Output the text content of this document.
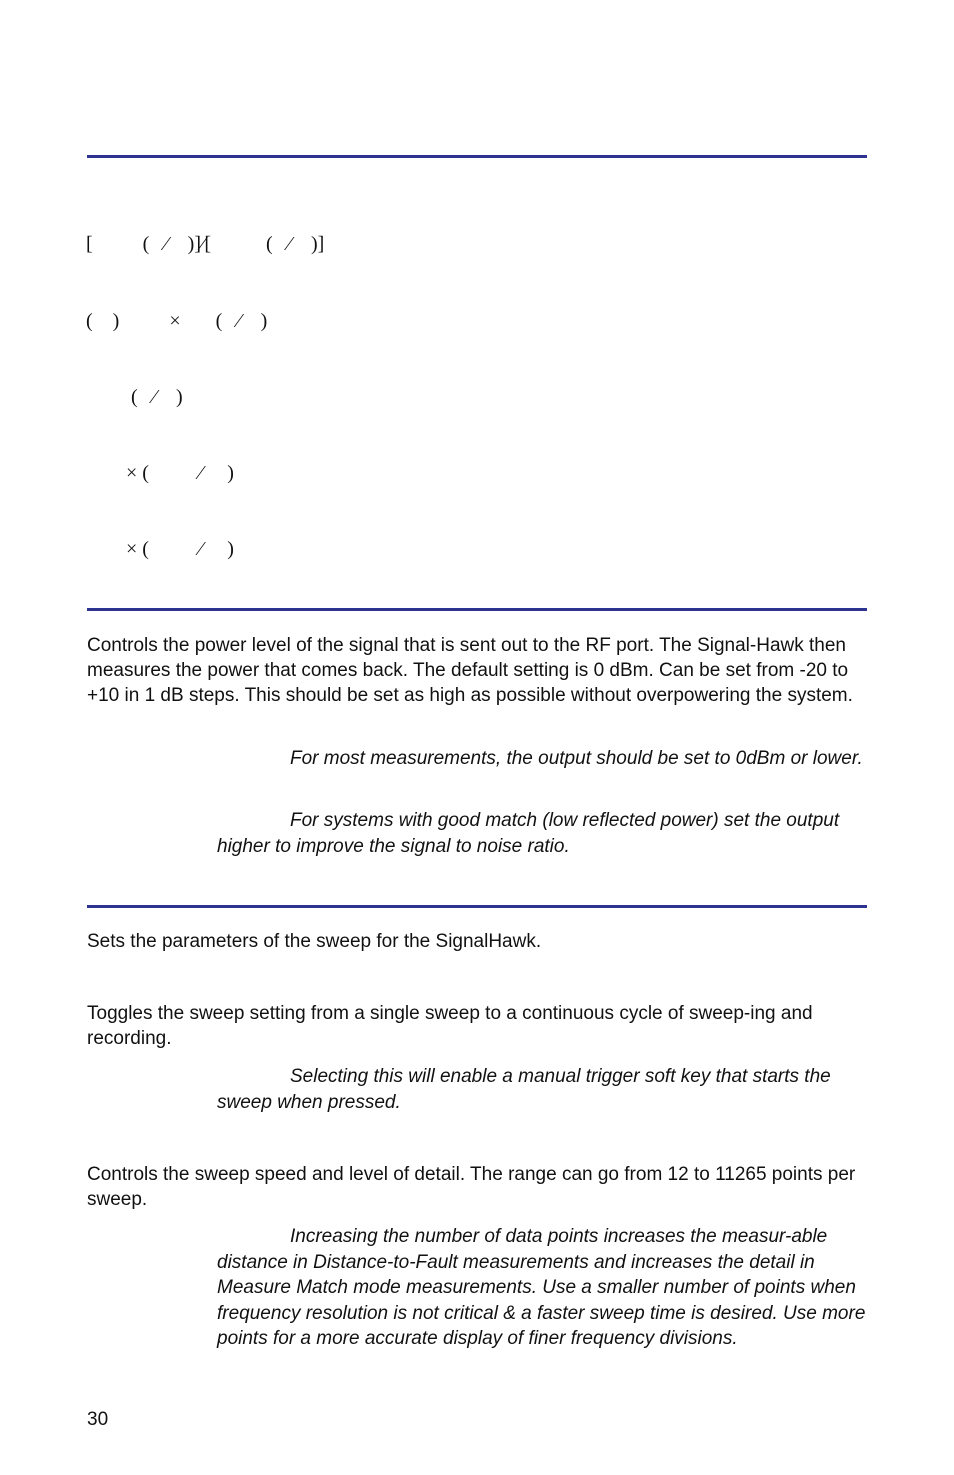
[          (   ⁄    )]⁄[           (   ⁄    )]
(    )          ×       (   ⁄    )
(   ⁄    )
× (          ⁄     )
× (          ⁄     )
Controls the power level of the signal that is sent out to the RF port. The Signal-Hawk then measures the power that comes back. The default setting is 0 dBm. Can be set from -20 to +10 in 1 dB steps. This should be set as high as possible without overpowering the system.
For most measurements, the output should be set to 0dBm or lower.
For systems with good match (low reflected power) set the output higher to improve the signal to noise ratio.
Sets the parameters of the sweep for the SignalHawk.
Toggles the sweep setting from a single sweep to a continuous cycle of sweep-ing and recording.
Selecting this will enable a manual trigger soft key that starts the sweep when pressed.
Controls the sweep speed and level of detail. The range can go from 12 to 11265 points per sweep.
Increasing the number of data points increases the measur-able distance in Distance-to-Fault measurements and increases the detail in Measure Match mode measurements. Use a smaller number of points when frequency resolution is not critical & a faster sweep time is desired. Use more points for a more accurate display of finer frequency divisions.
30
